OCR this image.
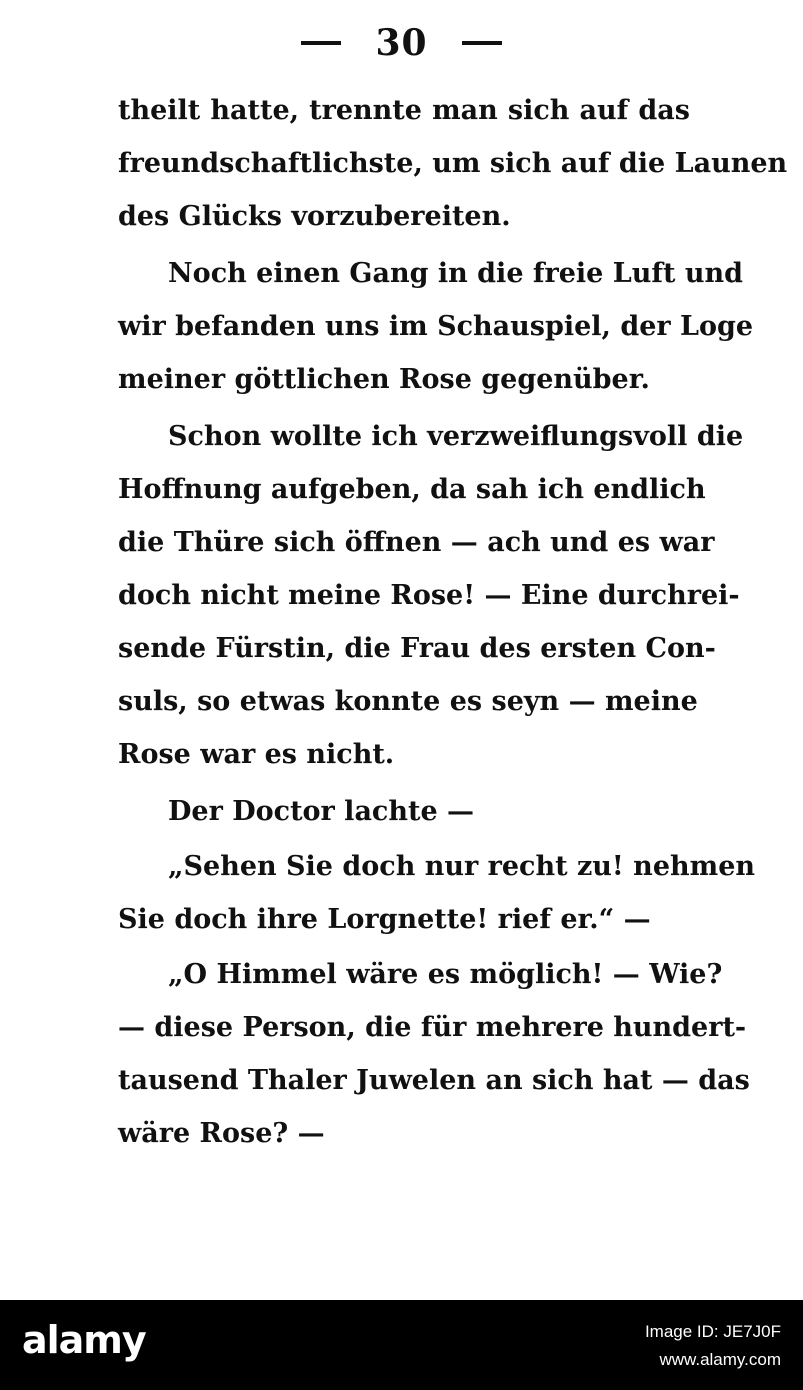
30
theilt hatte, trennte man sich auf das
freundschaftlichste, um sich auf die Launen
des Glücks vorzubereiten.
Noch einen Gang in die freie Luft und
wir befanden uns im Schauspiel, der Loge
meiner göttlichen Rose gegenüber.
Schon wollte ich verzweiflungsvoll die
Hoffnung aufgeben, da sah ich endlich
die Thüre sich öffnen — ach und es war
doch nicht meine Rose! — Eine durchrei-
sende Fürstin, die Frau des ersten Con-
suls, so etwas konnte es seyn — meine
Rose war es nicht.
Der Doctor lachte —
„Sehen Sie doch nur recht zu! nehmen
Sie doch ihre Lorgnette! rief er.“ —
„O Himmel wäre es möglich! — Wie?
— diese Person, die für mehrere hundert-
tausend Thaler Juwelen an sich hat — das
wäre Rose? —
alamy	Image ID: JE7J0F
www.alamy.com
